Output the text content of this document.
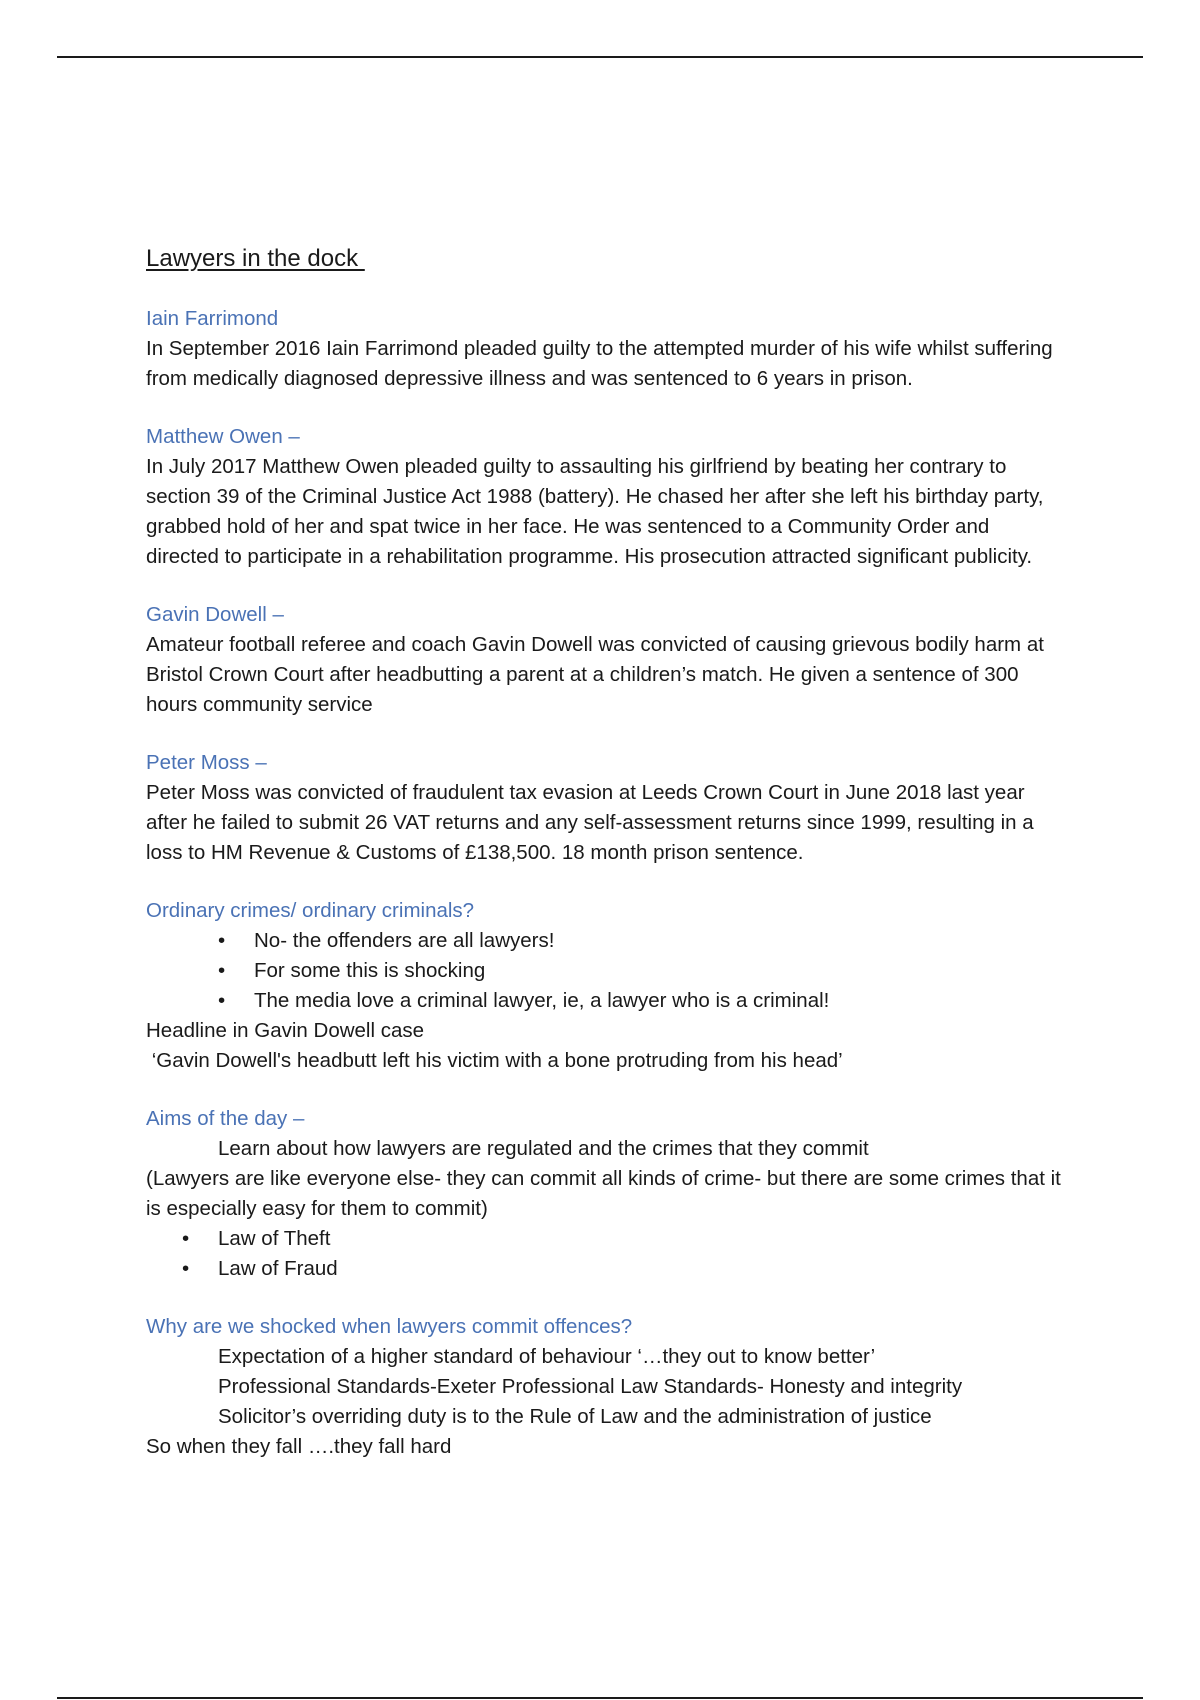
Lawyers in the dock

Iain Farrimond

In September 2016 Iain Farrimond pleaded guilty to the attempted murder of his wife whilst suffering from medically diagnosed depressive illness and was sentenced to 6 years in prison.

Matthew Owen –

In July 2017 Matthew Owen pleaded guilty to assaulting his girlfriend by beating her contrary to section 39 of the Criminal Justice Act 1988 (battery). He chased her after she left his birthday party, grabbed hold of her and spat twice in her face. He was sentenced to a Community Order and directed to participate in a rehabilitation programme. His prosecution attracted significant publicity.

Gavin Dowell –

Amateur football referee and coach Gavin Dowell was convicted of causing grievous bodily harm at Bristol Crown Court after headbutting a parent at a children’s match. He given a sentence of 300 hours community service

Peter Moss –

Peter Moss was convicted of fraudulent tax evasion at Leeds Crown Court in June 2018 last year after he failed to submit 26 VAT returns and any self-assessment returns since 1999, resulting in a loss to HM Revenue & Customs of £138,500. 18 month prison sentence.

Ordinary crimes/ ordinary criminals?

•	No- the offenders are all lawyers!
•	For some this is shocking
•	The media love a criminal lawyer, ie, a lawyer who is a criminal!

Headline in Gavin Dowell case

‘Gavin Dowell's headbutt left his victim with a bone protruding from his head’

Aims of the day –

Learn about how lawyers are regulated and the crimes that they commit

(Lawyers are like everyone else- they can commit all kinds of crime- but there are some crimes that it is especially easy for them to commit)

•	Law of Theft
•	Law of Fraud

Why are we shocked when lawyers commit offences?

Expectation of a higher standard of behaviour ‘…they out to know better’

Professional Standards-Exeter Professional Law Standards- Honesty and integrity

Solicitor’s overriding duty is to the Rule of Law and the administration of justice

So when they fall ….they fall hard
